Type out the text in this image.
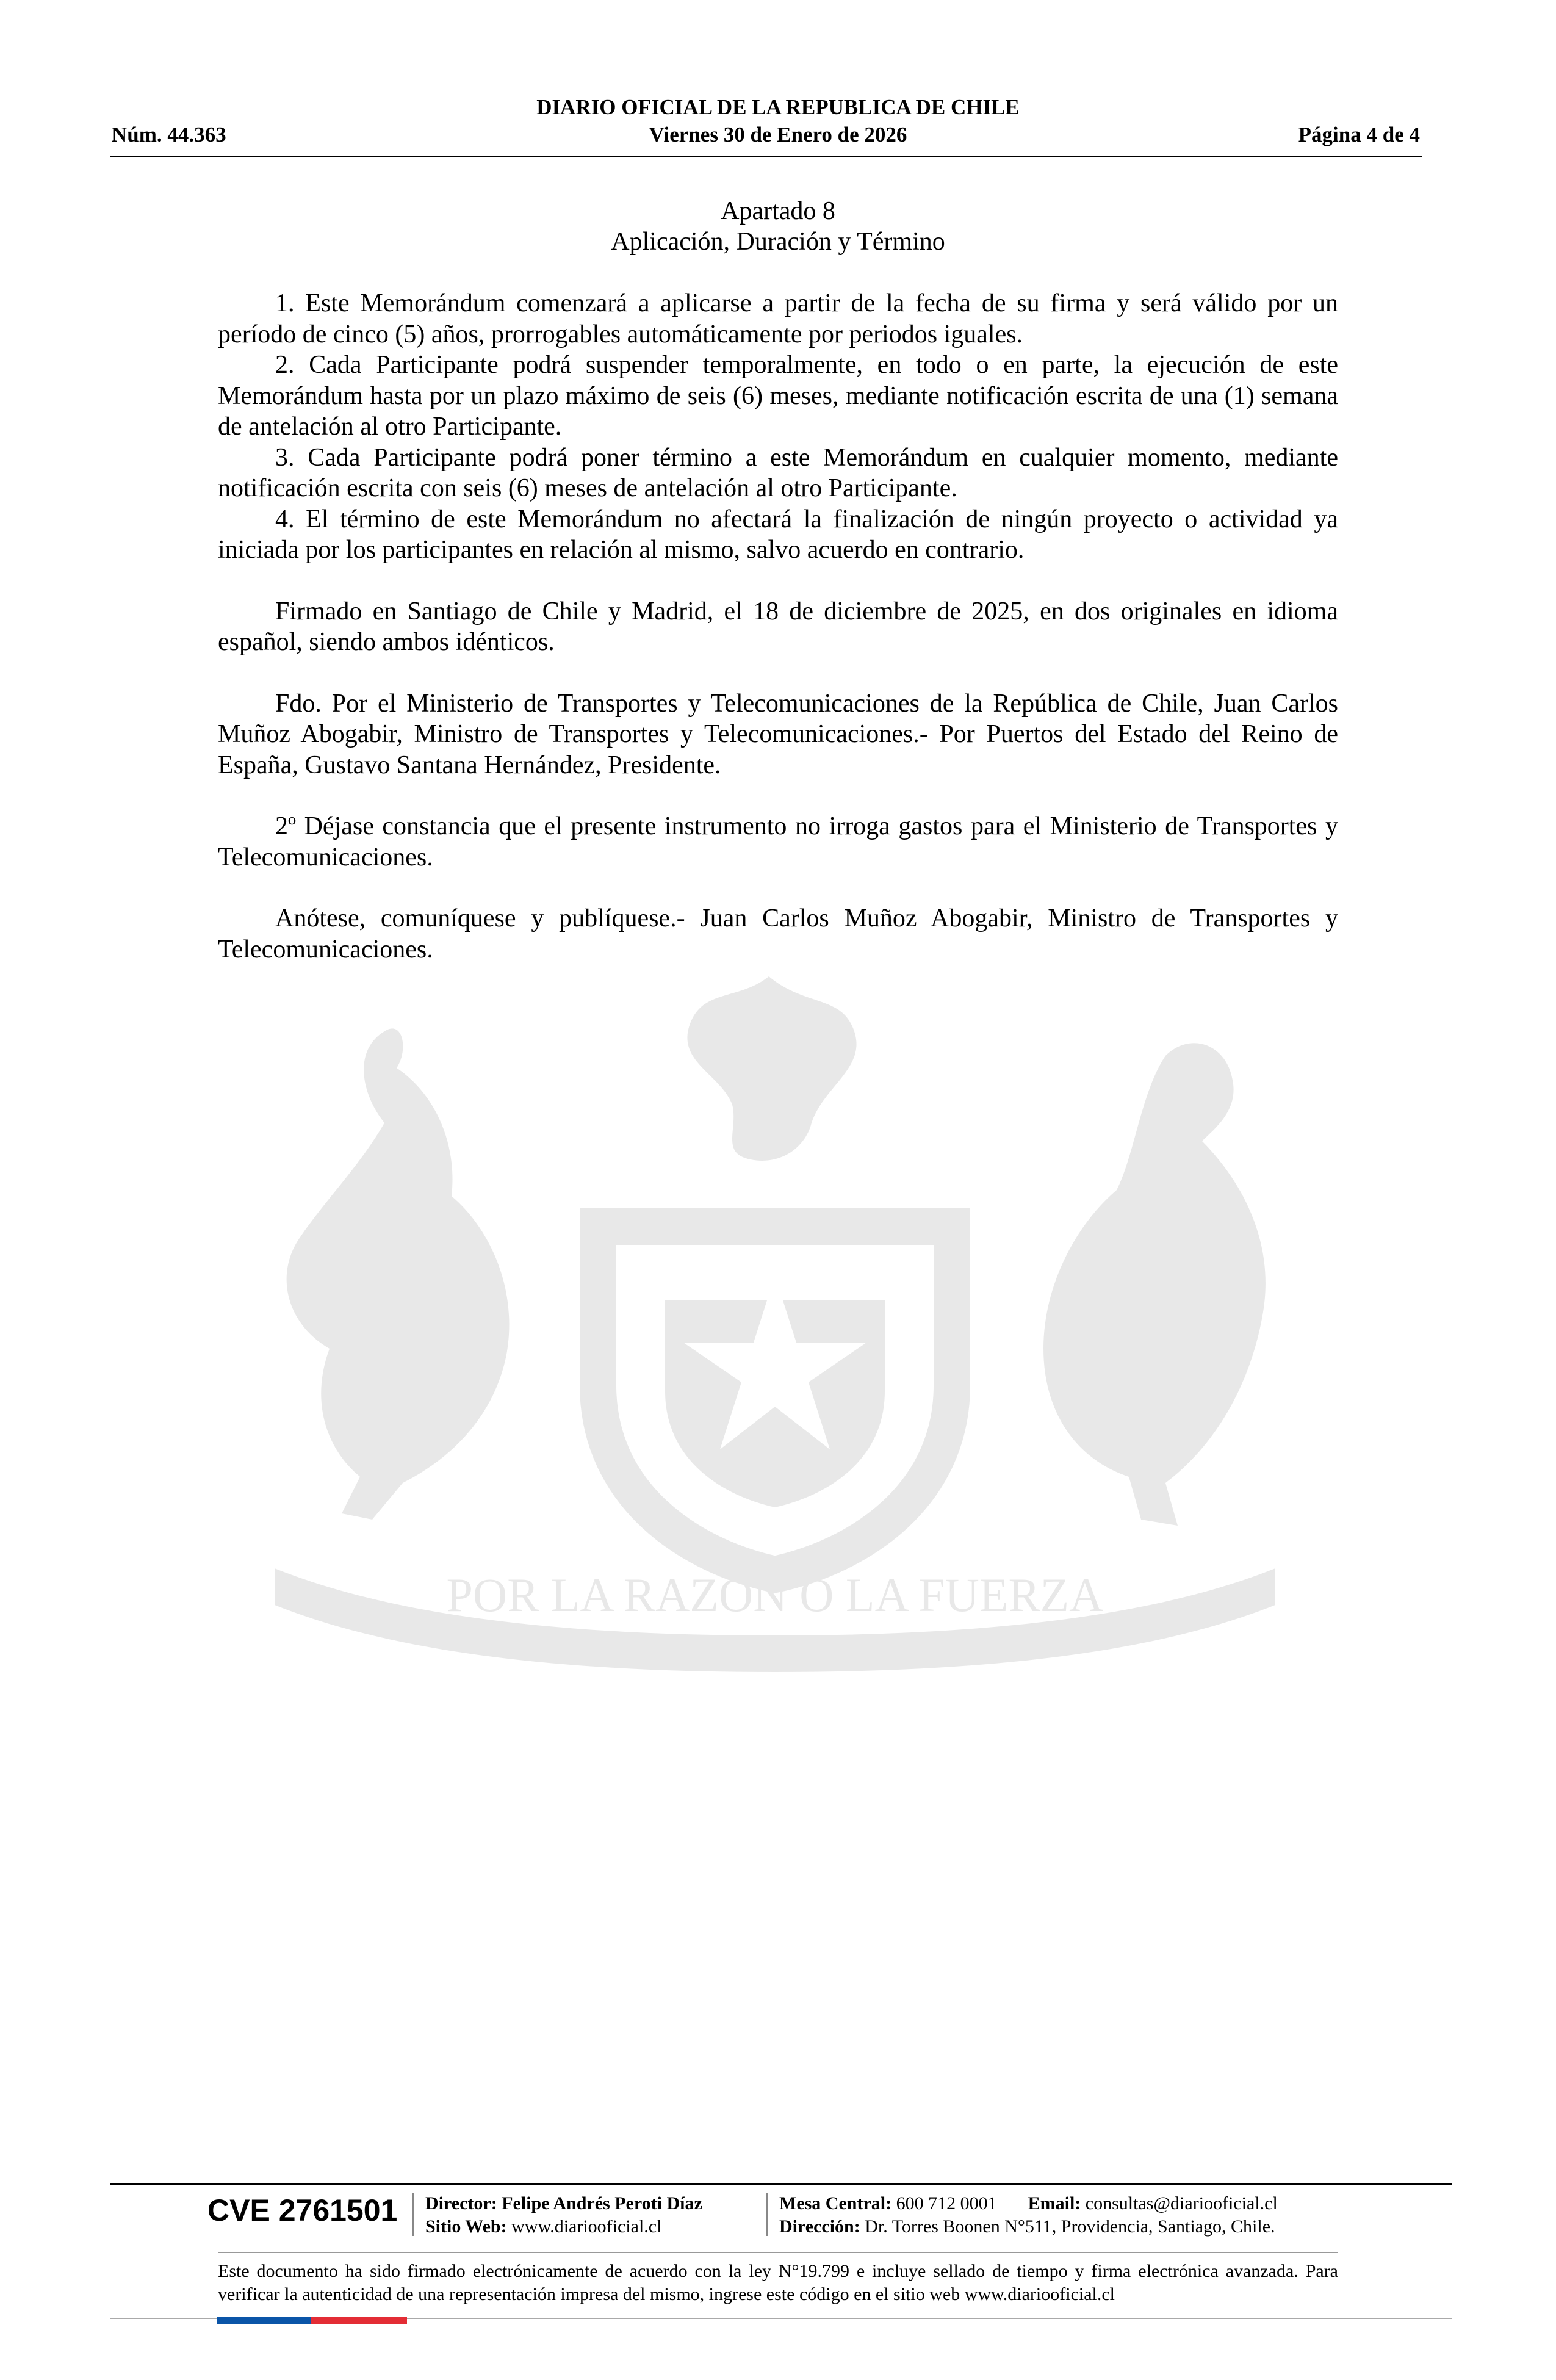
POR LA RAZON O LA FUERZA
DIARIO OFICIAL DE LA REPUBLICA DE CHILE
Núm. 44.363	Viernes 30 de Enero de 2026	Página 4 de 4
Apartado 8
Aplicación, Duración y Término

1. Este Memorándum comenzará a aplicarse a partir de la fecha de su firma y será válido por un período de cinco (5) años, prorrogables automáticamente por periodos iguales.

2. Cada Participante podrá suspender temporalmente, en todo o en parte, la ejecución de este Memorándum hasta por un plazo máximo de seis (6) meses, mediante notificación escrita de una (1) semana de antelación al otro Participante.

3. Cada Participante podrá poner término a este Memorándum en cualquier momento, mediante notificación escrita con seis (6) meses de antelación al otro Participante.

4. El término de este Memorándum no afectará la finalización de ningún proyecto o actividad ya iniciada por los participantes en relación al mismo, salvo acuerdo en contrario.

Firmado en Santiago de Chile y Madrid, el 18 de diciembre de 2025, en dos originales en idioma español, siendo ambos idénticos.

Fdo. Por el Ministerio de Transportes y Telecomunicaciones de la República de Chile, Juan Carlos Muñoz Abogabir, Ministro de Transportes y Telecomunicaciones.- Por Puertos del Estado del Reino de España, Gustavo Santana Hernández, Presidente.

2º Déjase constancia que el presente instrumento no irroga gastos para el Ministerio de Transportes y Telecomunicaciones.

Anótese, comuníquese y publíquese.- Juan Carlos Muñoz Abogabir, Ministro de Transportes y Telecomunicaciones.

CVE 2761501	Director: Felipe Andrés Peroti Díaz
Sitio Web: www.diariooficial.cl
Mesa Central: 600 712 0001 Email: consultas@diariooficial.cl
Dirección: Dr. Torres Boonen N°511, Providencia, Santiago, Chile.
Este documento ha sido firmado electrónicamente de acuerdo con la ley N°19.799 e incluye sellado de tiempo y firma electrónica avanzada. Para verificar la autenticidad de una representación impresa del mismo, ingrese este código en el sitio web www.diariooficial.cl
